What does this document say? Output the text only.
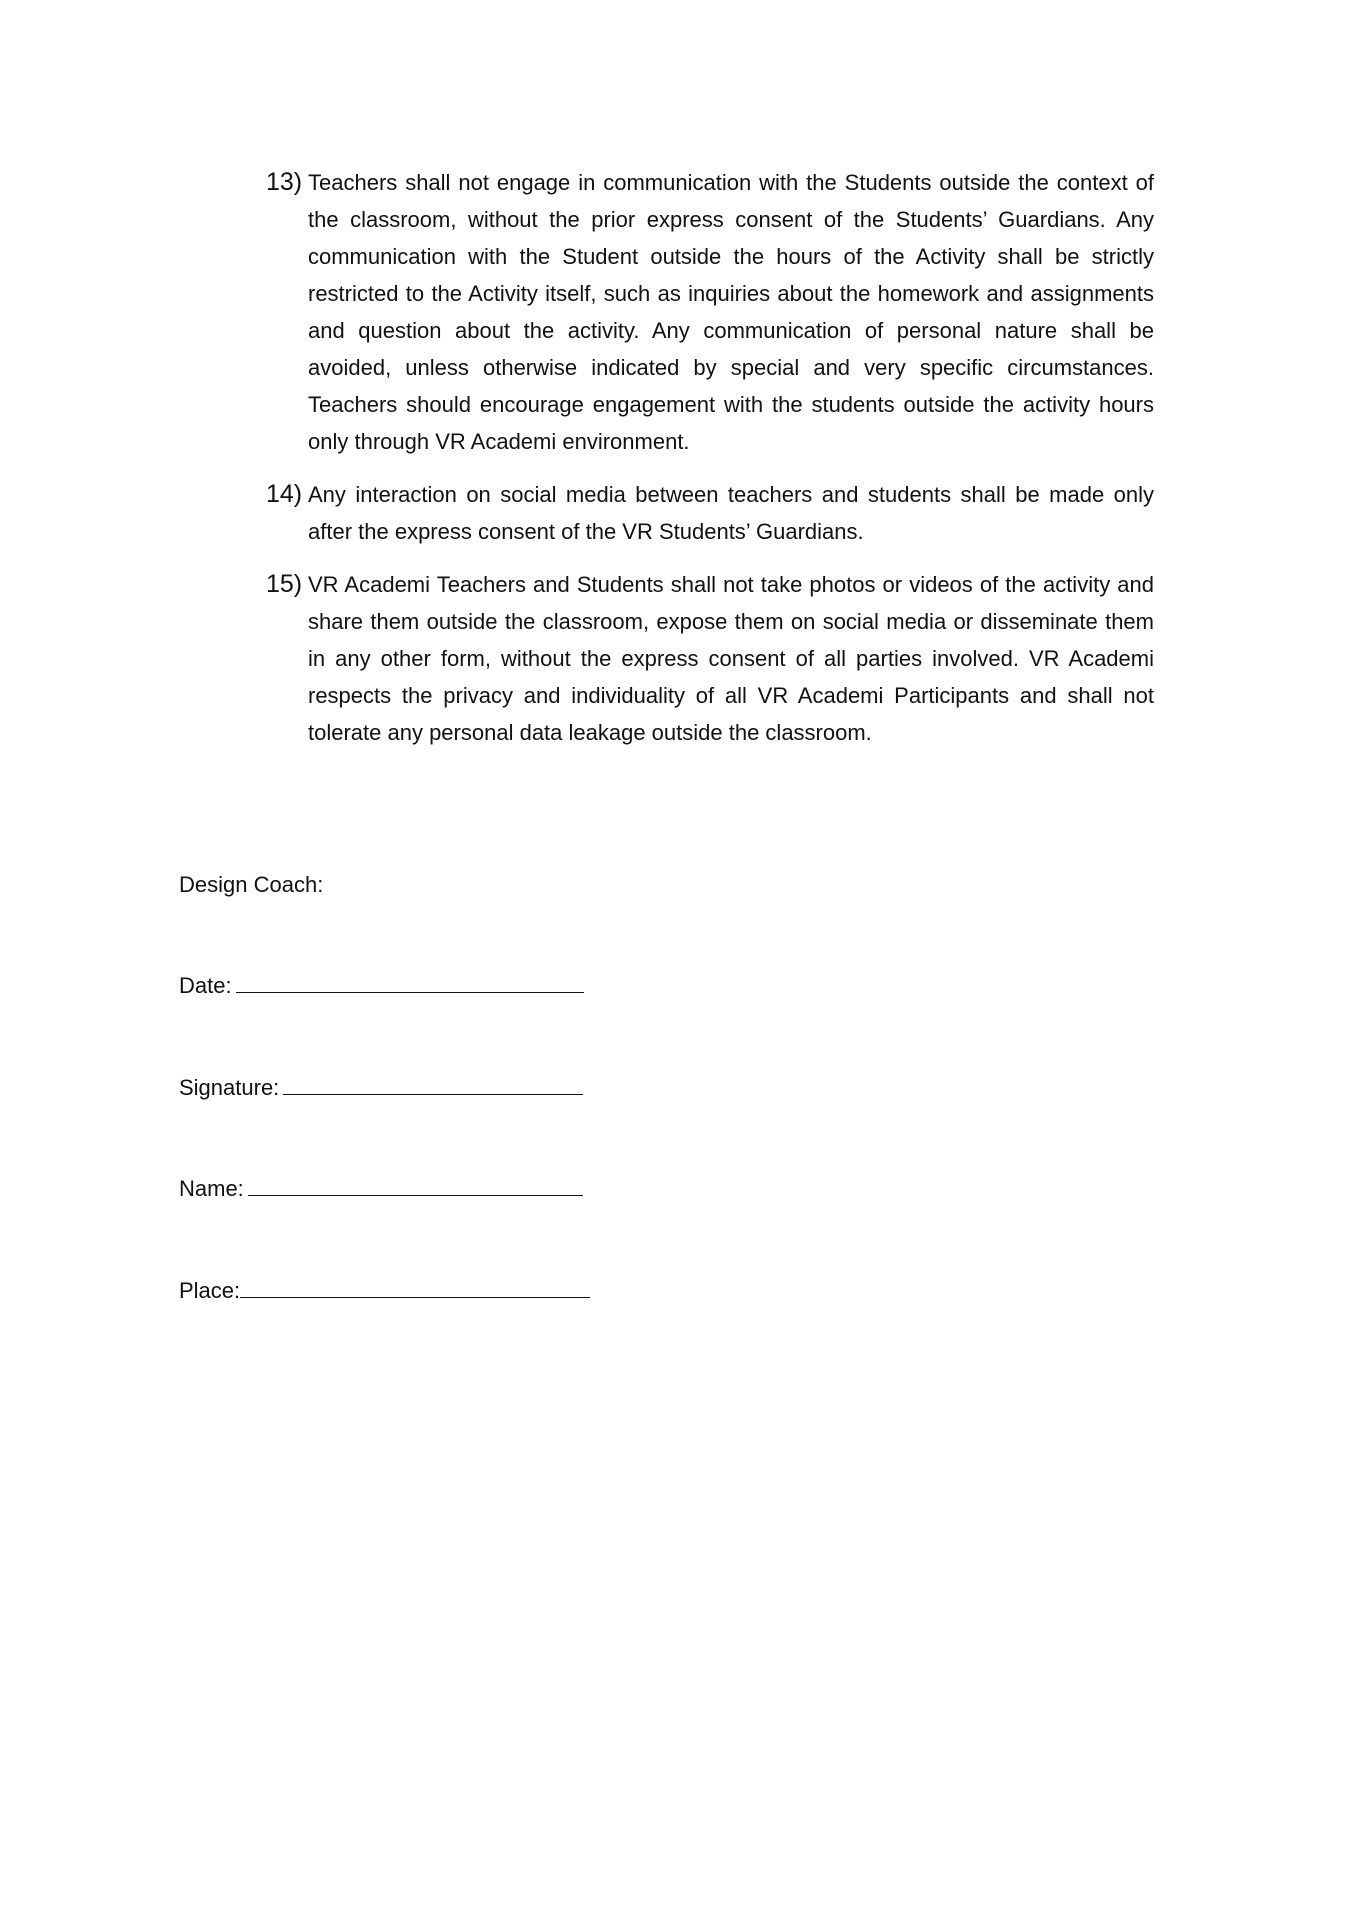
13) Teachers shall not engage in communication with the Students outside the context of the classroom, without the prior express consent of the Students’ Guardians. Any communication with the Student outside the hours of the Activity shall be strictly restricted to the Activity itself, such as inquiries about the homework and assignments and question about the activity. Any communication of personal nature shall be avoided, unless otherwise indicated by special and very specific circumstances. Teachers should encourage engagement with the students outside the activity hours only through VR Academi environment.

14) Any interaction on social media between teachers and students shall be made only after the express consent of the VR Students’ Guardians.

15) VR Academi Teachers and Students shall not take photos or videos of the activity and share them outside the classroom, expose them on social media or disseminate them in any other form, without the express consent of all parties involved. VR Academi respects the privacy and individuality of all VR Academi Participants and shall not tolerate any personal data leakage outside the classroom.

Design Coach:

Date:
Signature:
Name:
Place:
